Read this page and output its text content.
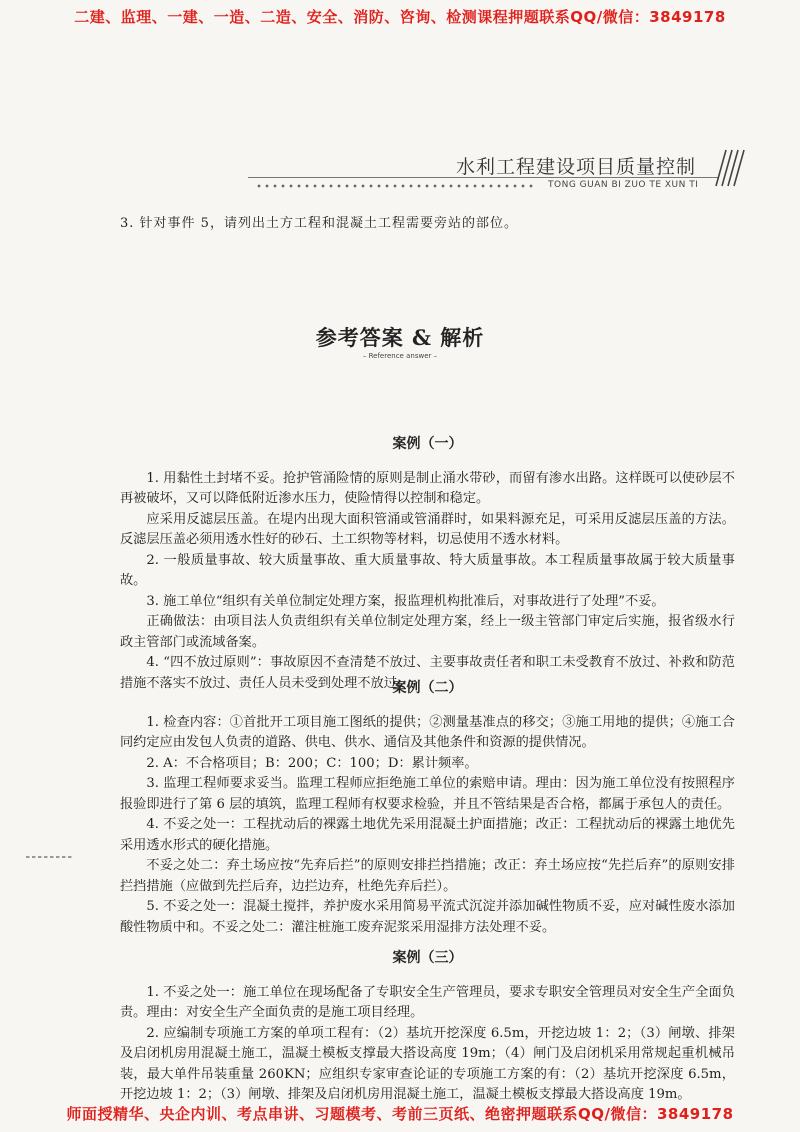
二建、监理、一建、一造、二造、安全、消防、咨询、检测课程押题联系QQ/微信：3849178
水利工程建设项目质量控制
TONG GUAN BI ZUO TE XUN TI
3. 针对事件 5，请列出土方工程和混凝土工程需要旁站的部位。
参考答案 & 解析
– Reference answer –

案例（一）

1. 用黏性土封堵不妥。抢护管涌险情的原则是制止涌水带砂，而留有渗水出路。这样既可以使砂层不再被破坏，又可以降低附近渗水压力，使险情得以控制和稳定。

应采用反滤层压盖。在堤内出现大面积管涌或管涌群时，如果料源充足，可采用反滤层压盖的方法。反滤层压盖必须用透水性好的砂石、土工织物等材料，切忌使用不透水材料。

2. 一般质量事故、较大质量事故、重大质量事故、特大质量事故。本工程质量事故属于较大质量事故。

3. 施工单位“组织有关单位制定处理方案，报监理机构批准后，对事故进行了处理”不妥。

正确做法：由项目法人负责组织有关单位制定处理方案，经上一级主管部门审定后实施，报省级水行政主管部门或流域备案。

4. “四不放过原则”：事故原因不查清楚不放过、主要事故责任者和职工未受教育不放过、补救和防范措施不落实不放过、责任人员未受到处理不放过。

案例（二）

1. 检查内容：①首批开工项目施工图纸的提供；②测量基准点的移交；③施工用地的提供；④施工合同约定应由发包人负责的道路、供电、供水、通信及其他条件和资源的提供情况。

2. A：不合格项目；B：200；C：100；D：累计频率。

3. 监理工程师要求妥当。监理工程师应拒绝施工单位的索赔申请。理由：因为施工单位没有按照程序报验即进行了第 6 层的填筑，监理工程师有权要求检验，并且不管结果是否合格，都属于承包人的责任。

4. 不妥之处一：工程扰动后的裸露土地优先采用混凝土护面措施；改正：工程扰动后的裸露土地优先采用透水形式的硬化措施。

不妥之处二：弃土场应按“先弃后拦”的原则安排拦挡措施；改正：弃土场应按“先拦后弃”的原则安排拦挡措施（应做到先拦后弃，边拦边弃，杜绝先弃后拦）。

5. 不妥之处一：混凝土搅拌，养护废水采用简易平流式沉淀并添加碱性物质不妥，应对碱性废水添加酸性物质中和。不妥之处二：灌注桩施工废弃泥浆采用湿排方法处理不妥。

案例（三）

1. 不妥之处一：施工单位在现场配备了专职安全生产管理员，要求专职安全管理员对安全生产全面负责。理由：对安全生产全面负责的是施工项目经理。

2. 应编制专项施工方案的单项工程有：（2）基坑开挖深度 6.5m，开挖边坡 1：2；（3）闸墩、排架及启闭机房用混凝土施工，温凝土模板支撑最大搭设高度 19m；（4）闸门及启闭机采用常规起重机械吊装，最大单件吊装重量 260KN；应组织专家审查论证的专项施工方案的有：（2）基坑开挖深度 6.5m，开挖边坡 1：2；（3）闸墩、排架及启闭机房用混凝土施工，温凝土模板支撑最大搭设高度 19m。

师面授精华、央企内训、考点串讲、习题模考、考前三页纸、绝密押题联系QQ/微信：3849178
